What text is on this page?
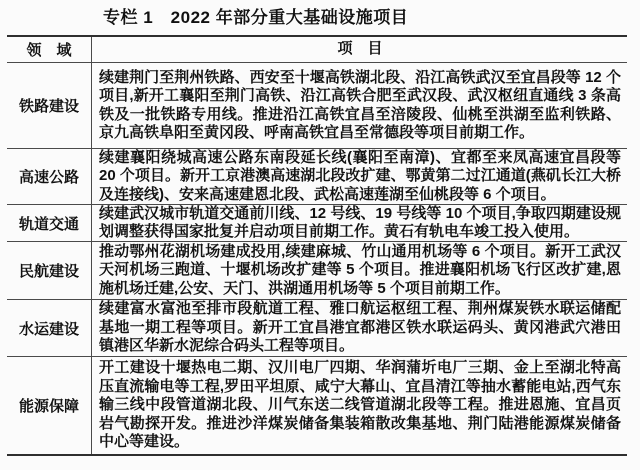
专栏 1　2022 年部分重大基础设施项目
领　域	项　目
铁路建设
续建荆门至荆州铁路、西安至十堰高铁湖北段、沿江高铁武汉至宜昌段等 12 个项目,新开工襄阳至荆门高铁、沿江高铁合肥至武汉段、武汉枢纽直通线 3 条高铁及一批铁路专用线。推进沿江高铁宜昌至涪陵段、仙桃至洪湖至监利铁路、京九高铁阜阳至黄冈段、呼南高铁宜昌至常德段等项目前期工作。
高速公路
续建襄阳绕城高速公路东南段延长线(襄阳至南漳)、宜都至来凤高速宜昌段等 20 个项目。新开工京港澳高速湖北段改扩建、鄂黄第二过江通道(燕矶长江大桥及连接线)、安来高速建恩北段、武松高速莲湖至仙桃段等 6 个项目。
轨道交通
续建武汉城市轨道交通前川线、12 号线、19 号线等 10 个项目,争取四期建设规划调整获得国家批复并启动项目前期工作。黄石有轨电车竣工投入使用。
民航建设
推动鄂州花湖机场建成投用,续建麻城、竹山通用机场等 6 个项目。新开工武汉天河机场三跑道、十堰机场改扩建等 5 个项目。推进襄阳机场飞行区改扩建,恩施机场迁建,公安、天门、洪湖通用机场等 5 个项目前期工作。
水运建设
续建富水富池至排市段航道工程、雅口航运枢纽工程、荆州煤炭铁水联运储配基地一期工程等项目。新开工宜昌港宜都港区铁水联运码头、黄冈港武穴港田镇港区华新水泥综合码头工程等项目。
能源保障
开工建设十堰热电二期、汉川电厂四期、华润蒲圻电厂三期、金上至湖北特高压直流输电等工程,罗田平坦原、咸宁大幕山、宜昌清江等抽水蓄能电站,西气东输三线中段管道湖北段、川气东送二线管道湖北段等工程。推进恩施、宜昌页岩气勘探开发。推进沙洋煤炭储备集装箱散改集基地、荆门陆港能源煤炭储备中心等建设。
